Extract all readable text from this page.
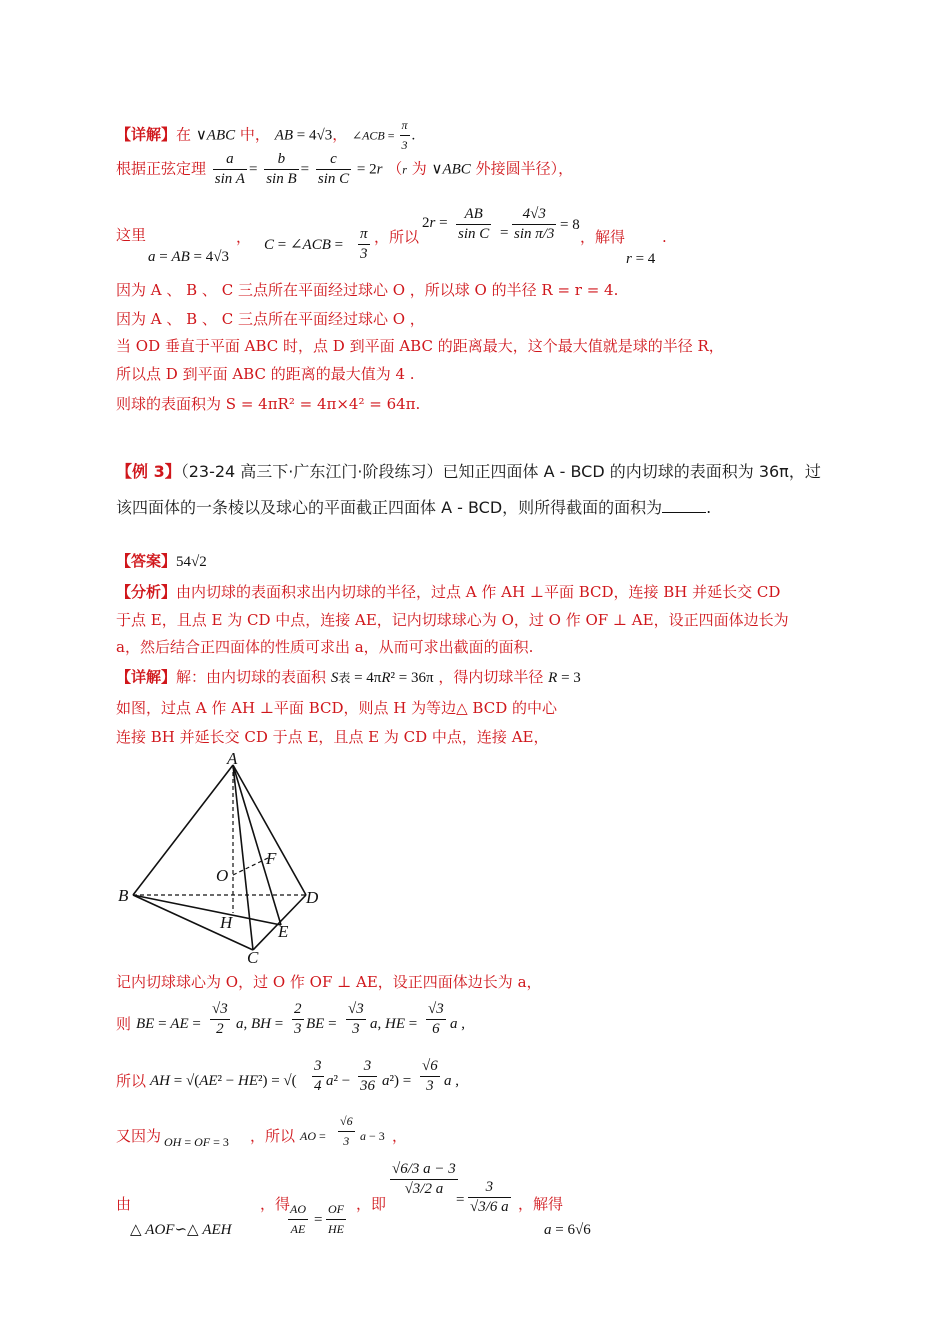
【详解】在 ∨ABC 中， AB = 4√3， ∠ACB = $\frac{\pi}{3}$ .
根据正弦定理 $\frac{a}{\text{sin A}} = \frac{b}{\text{sin B}} = \frac{c}{\text{sin C}} = 2r$ （r 为 ∨ABC 外接圆半径），
这里
a = AB = 4√3
， C = ∠ACB = $\frac{\pi}{3}$ ，所以
$2r = \frac{AB}{\text{sin C}} = \frac{4√3}{\text{sin π/3}} = 8$
，解得
r = 4
.
因为 A 、 B 、 C 三点所在平面经过球心 O ，所以球 O 的半径 R = r = 4.
因为 A 、 B 、 C 三点所在平面经过球心 O ，
当 OD 垂直于平面 ABC 时，点 D 到平面 ABC 的距离最大，这个最大值就是球的半径 R，
所以点 D 到平面 ABC 的距离的最大值为 4 .
则球的表面积为 S = 4πR² = 4π×4² = 64π.
【例 3】（23-24 高三下·广东江门·阶段练习）已知正四面体 A - BCD 的内切球的表面积为 36π，过
该四面体的一条棱以及球心的平面截正四面体 A - BCD，则所得截面的面积为	.
【答案】54√2
【分析】由内切球的表面积求出内切球的半径，过点 A 作 AH ⊥平面 BCD，连接 BH 并延长交 CD
于点 E，且点 E 为 CD 中点，连接 AE，记内切球球心为 O，过 O 作 OF ⊥ AE，设正四面体边长为
a，然后结合正四面体的性质可求出 a，从而可求出截面的面积.
【详解】解：由内切球的表面积 S表 = 4πR² = 36π ，得内切球半径 R = 3
如图，过点 A 作 AH ⊥平面 BCD，则点 H 为等边△ BCD 的中心
连接 BH 并延长交 CD 于点 E，且点 E 为 CD 中点，连接 AE，
A
B
C
D
E
F
H
O
记内切球球心为 O，过 O 作 OF ⊥ AE，设正四面体边长为 a，
则 BE = AE = $\frac{√3}{2} a$, BH = $\frac{2}{3}$ BE = $\frac{√3}{3} a$, HE = $\frac{√3}{6}$ a ,
所以 AH = √(AE² − HE²) = √( $\frac{3}{4} a^2 - \frac{3}{36} a^2) = \frac{√6}{3}$ a ,
又因为 OH = OF = 3 ，所以 AO = $\frac{√6}{3}$ a − 3 ，
由
△ AOF∽△ AEH
，得
$\frac{AO}{AE} = \frac{OF}{HE}$ ，即
$\frac{√6/3 a - 3}{√3/2 a}$
= $\frac{3}{√3/6 a}$ ，解得
a = 6√6
